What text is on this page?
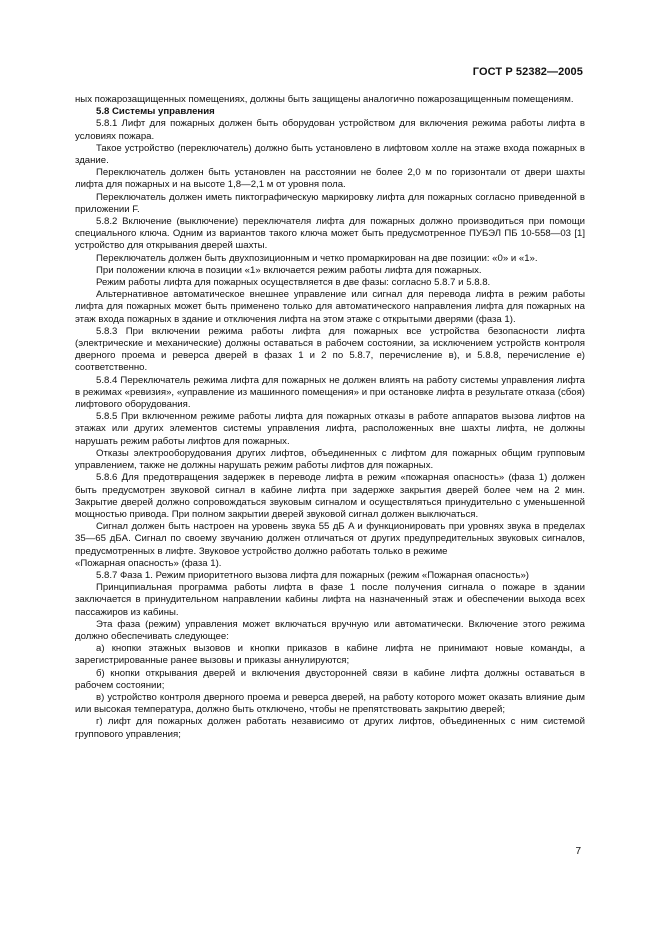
ГОСТ Р 52382—2005

ных пожарозащищенных помещениях, должны быть защищены аналогично пожарозащищенным помещениям.

5.8 Системы управления

5.8.1 Лифт для пожарных должен быть оборудован устройством для включения режима работы лифта в условиях пожара.

Такое устройство (переключатель) должно быть установлено в лифтовом холле на этаже входа пожарных в здание.

Переключатель должен быть установлен на расстоянии не более 2,0 м по горизонтали от двери шахты лифта для пожарных и на высоте 1,8—2,1 м от уровня пола.

Переключатель должен иметь пиктографическую маркировку лифта для пожарных согласно приведенной в приложении F.

5.8.2 Включение (выключение) переключателя лифта для пожарных должно производиться при помощи специального ключа. Одним из вариантов такого ключа может быть предусмотренное ПУБЭЛ ПБ 10-558—03 [1] устройство для открывания дверей шахты.

Переключатель должен быть двухпозиционным и четко промаркирован на две позиции: «0» и «1».

При положении ключа в позиции «1» включается режим работы лифта для пожарных.

Режим работы лифта для пожарных осуществляется в две фазы: согласно 5.8.7 и 5.8.8.

Альтернативное автоматическое внешнее управление или сигнал для перевода лифта в режим работы лифта для пожарных может быть применено только для автоматического направления лифта для пожарных на этаж входа пожарных в здание и отключения лифта на этом этаже с открытыми дверями (фаза 1).

5.8.3 При включении режима работы лифта для пожарных все устройства безопасности лифта (электрические и механические) должны оставаться в рабочем состоянии, за исключением устройств контроля дверного проема и реверса дверей в фазах 1 и 2 по 5.8.7, перечисление в), и 5.8.8, перечисление е) соответственно.

5.8.4 Переключатель режима лифта для пожарных не должен влиять на работу системы управления лифта в режимах «ревизия», «управление из машинного помещения» и при остановке лифта в результате отказа (сбоя) лифтового оборудования.

5.8.5 При включенном режиме работы лифта для пожарных отказы в работе аппаратов вызова лифтов на этажах или других элементов системы управления лифта, расположенных вне шахты лифта, не должны нарушать режим работы лифтов для пожарных.

Отказы электрооборудования других лифтов, объединенных с лифтом для пожарных общим групповым управлением, также не должны нарушать режим работы лифтов для пожарных.

5.8.6 Для предотвращения задержек в переводе лифта в режим «пожарная опасность» (фаза 1) должен быть предусмотрен звуковой сигнал в кабине лифта при задержке закрытия дверей более чем на 2 мин. Закрытие дверей должно сопровождаться звуковым сигналом и осуществляться принудительно с уменьшенной мощностью привода. При полном закрытии дверей звуковой сигнал должен выключаться.

Сигнал должен быть настроен на уровень звука 55 дБ A и функционировать при уровнях звука в пределах 35—65 дБA. Сигнал по своему звучанию должен отличаться от других предупредительных звуковых сигналов, предусмотренных в лифте. Звуковое устройство должно работать только в режиме

«Пожарная опасность» (фаза 1).

5.8.7 Фаза 1. Режим приоритетного вызова лифта для пожарных (режим «Пожарная опасность»)

Принципиальная программа работы лифта в фазе 1 после получения сигнала о пожаре в здании заключается в принудительном направлении кабины лифта на назначенный этаж и обеспечении выхода всех пассажиров из кабины.

Эта фаза (режим) управления может включаться вручную или автоматически. Включение этого режима должно обеспечивать следующее:

а) кнопки этажных вызовов и кнопки приказов в кабине лифта не принимают новые команды, а зарегистрированные ранее вызовы и приказы аннулируются;

б) кнопки открывания дверей и включения двусторонней связи в кабине лифта должны оставаться в рабочем состоянии;

в) устройство контроля дверного проема и реверса дверей, на работу которого может оказать влияние дым или высокая температура, должно быть отключено, чтобы не препятствовать закрытию дверей;

г) лифт для пожарных должен работать независимо от других лифтов, объединенных с ним системой группового управления;

7
